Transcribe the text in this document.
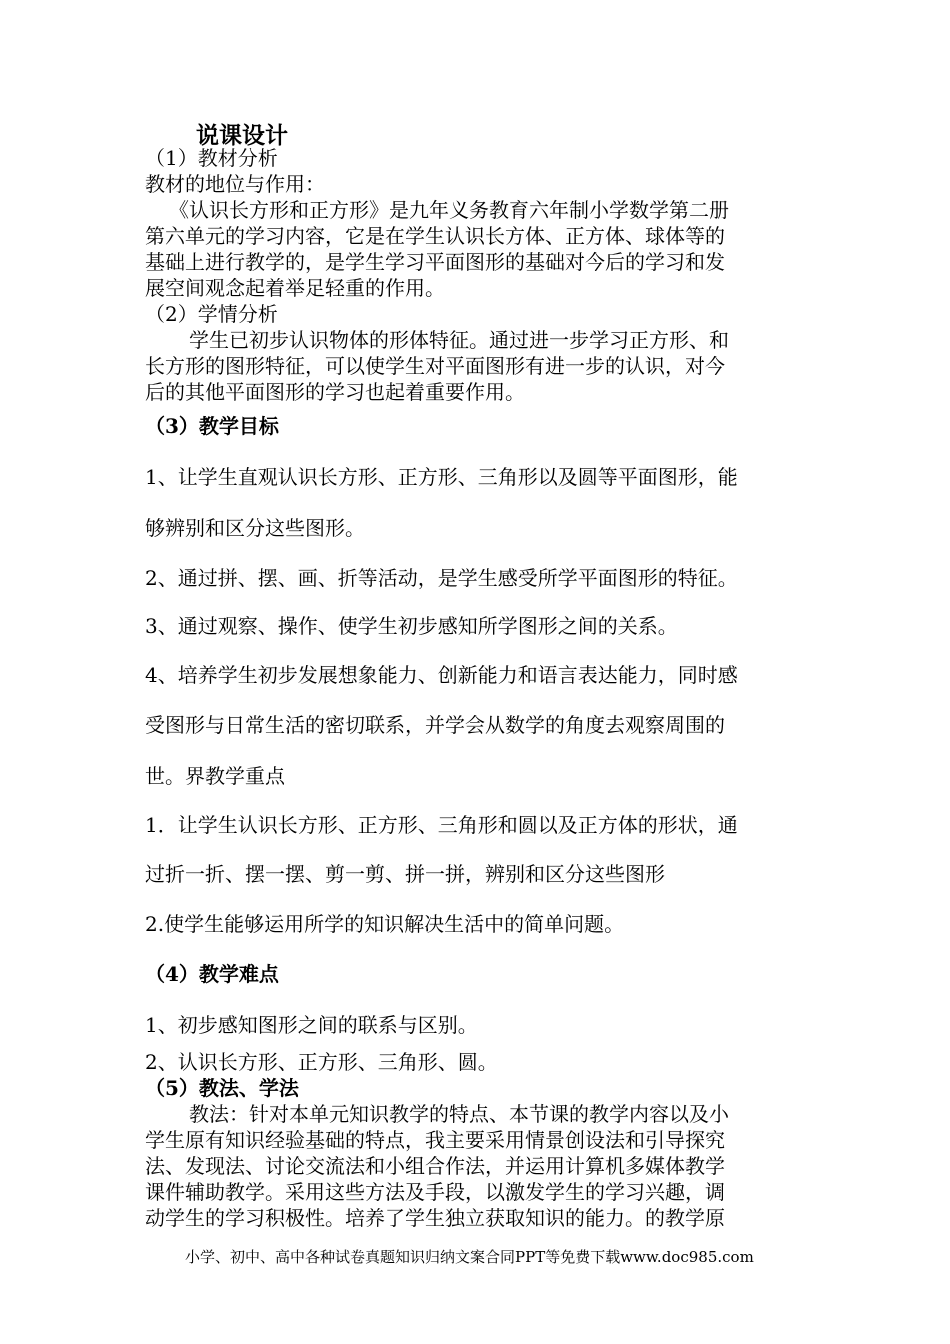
说课设计

（1）教材分析

教材的地位与作用：

《认识长方形和正方形》是九年义务教育六年制小学数学第二册

第六单元的学习内容，它是在学生认识长方体、正方体、球体等的

基础上进行教学的，是学生学习平面图形的基础对今后的学习和发

展空间观念起着举足轻重的作用。

（2）学情分析

学生已初步认识物体的形体特征。通过进一步学习正方形、和

长方形的图形特征，可以使学生对平面图形有进一步的认识，对今

后的其他平面图形的学习也起着重要作用。

（3）教学目标

1、让学生直观认识长方形、正方形、三角形以及圆等平面图形，能

够辨别和区分这些图形。

2、通过拼、摆、画、折等活动，是学生感受所学平面图形的特征。

3、通过观察、操作、使学生初步感知所学图形之间的关系。

4、培养学生初步发展想象能力、创新能力和语言表达能力，同时感

受图形与日常生活的密切联系，并学会从数学的角度去观察周围的

世。界教学重点

1．让学生认识长方形、正方形、三角形和圆以及正方体的形状，通

过折一折、摆一摆、剪一剪、拼一拼，辨别和区分这些图形

2.使学生能够运用所学的知识解决生活中的简单问题。

（4）教学难点

1、初步感知图形之间的联系与区别。

2、认识长方形、正方形、三角形、圆。

（5）教法、学法

教法：针对本单元知识教学的特点、本节课的教学内容以及小

学生原有知识经验基础的特点，我主要采用情景创设法和引导探究

法、发现法、讨论交流法和小组合作法，并运用计算机多媒体教学

课件辅助教学。采用这些方法及手段，以激发学生的学习兴趣，调

动学生的学习积极性。培养了学生独立获取知识的能力。的教学原

小学、初中、高中各种试卷真题知识归纳文案合同PPT等免费下载www.doc985.com
